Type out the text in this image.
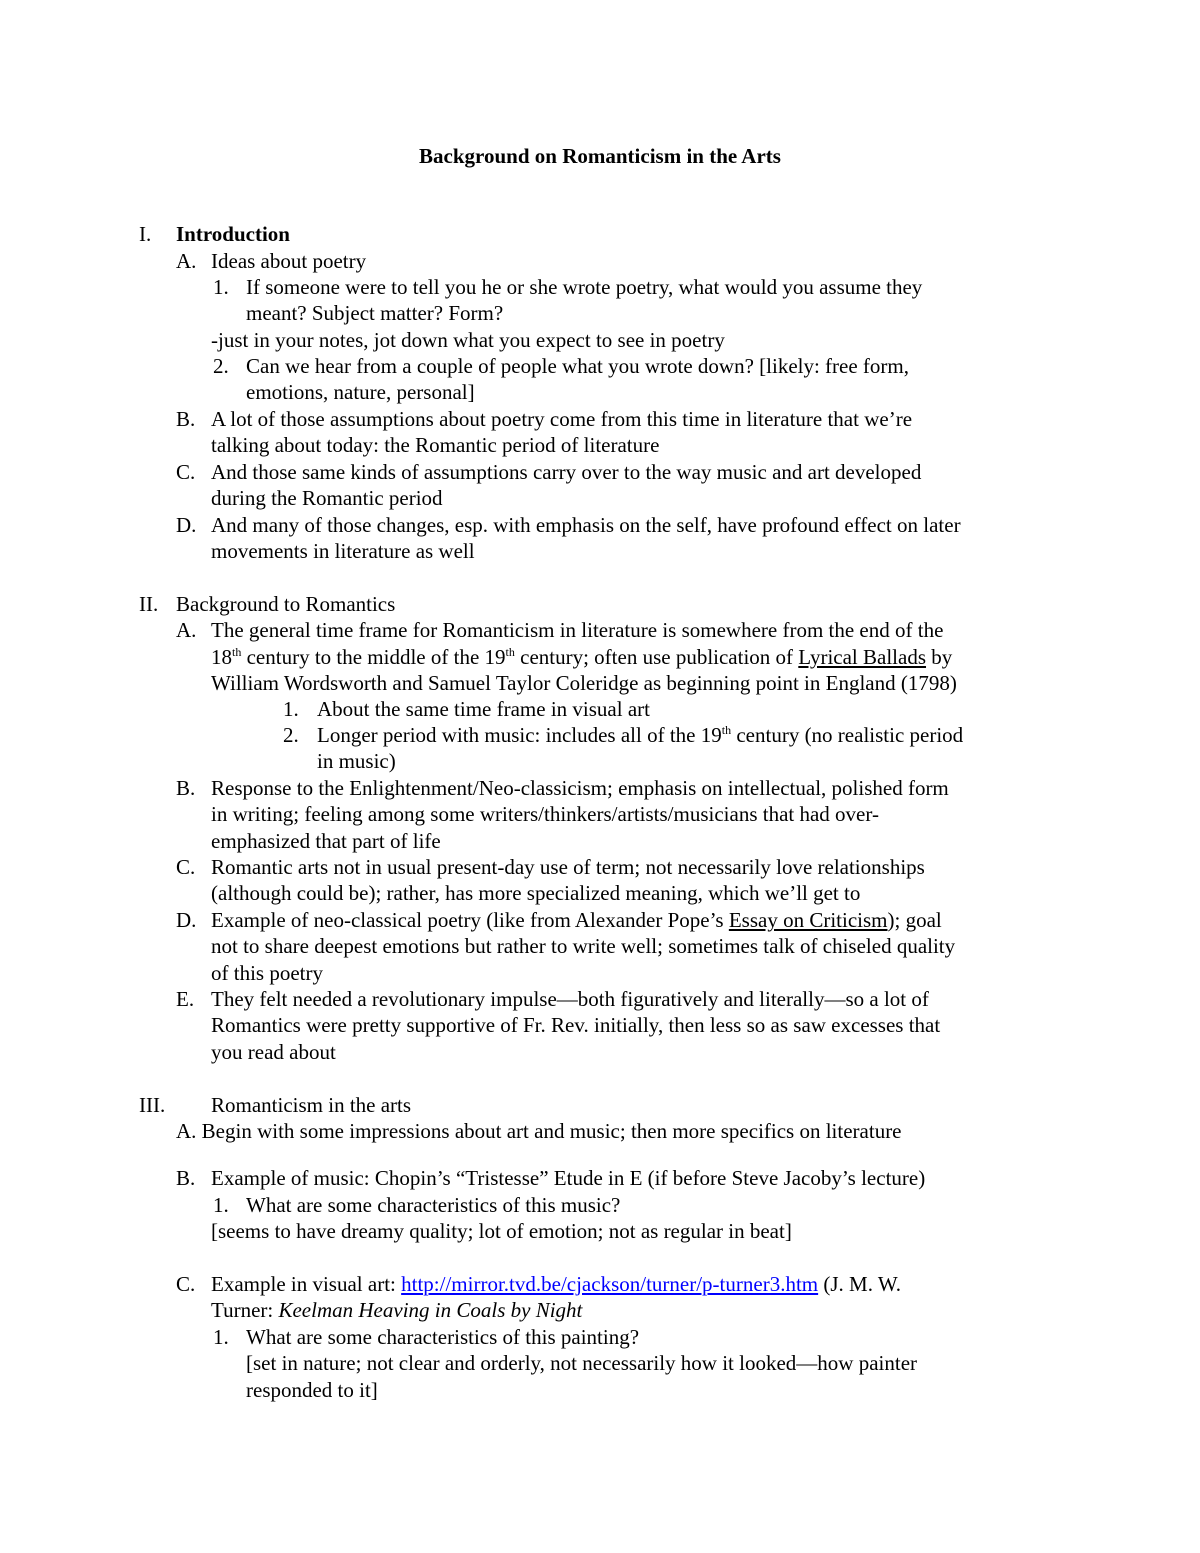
Background on Romanticism in the Arts
I. Introduction
A. Ideas about poetry
1. If someone were to tell you he or she wrote poetry, what would you assume they
meant? Subject matter? Form?
-just in your notes, jot down what you expect to see in poetry
2. Can we hear from a couple of people what you wrote down? [likely: free form,
emotions, nature, personal]
B. A lot of those assumptions about poetry come from this time in literature that we’re
talking about today: the Romantic period of literature
C. And those same kinds of assumptions carry over to the way music and art developed
during the Romantic period
D. And many of those changes, esp. with emphasis on the self, have profound effect on later
movements in literature as well
II. Background to Romantics
A. The general time frame for Romanticism in literature is somewhere from the end of the
18th century to the middle of the 19th century; often use publication of Lyrical Ballads by
William Wordsworth and Samuel Taylor Coleridge as beginning point in England (1798)
1. About the same time frame in visual art
2. Longer period with music: includes all of the 19th century (no realistic period
in music)
B. Response to the Enlightenment/Neo-classicism; emphasis on intellectual, polished form
in writing; feeling among some writers/thinkers/artists/musicians that had over-
emphasized that part of life
C. Romantic arts not in usual present-day use of term; not necessarily love relationships
(although could be); rather, has more specialized meaning, which we’ll get to
D. Example of neo-classical poetry (like from Alexander Pope’s Essay on Criticism); goal
not to share deepest emotions but rather to write well; sometimes talk of chiseled quality
of this poetry
E. They felt needed a revolutionary impulse—both figuratively and literally—so a lot of
Romantics were pretty supportive of Fr. Rev. initially, then less so as saw excesses that
you read about
III. Romanticism in the arts
A. Begin with some impressions about art and music; then more specifics on literature
B. Example of music: Chopin’s “Tristesse” Etude in E (if before Steve Jacoby’s lecture)
1. What are some characteristics of this music?
[seems to have dreamy quality; lot of emotion; not as regular in beat]
C. Example in visual art: http://mirror.tvd.be/cjackson/turner/p-turner3.htm (J. M. W.
Turner: Keelman Heaving in Coals by Night
1. What are some characteristics of this painting?
[set in nature; not clear and orderly, not necessarily how it looked—how painter
responded to it]
